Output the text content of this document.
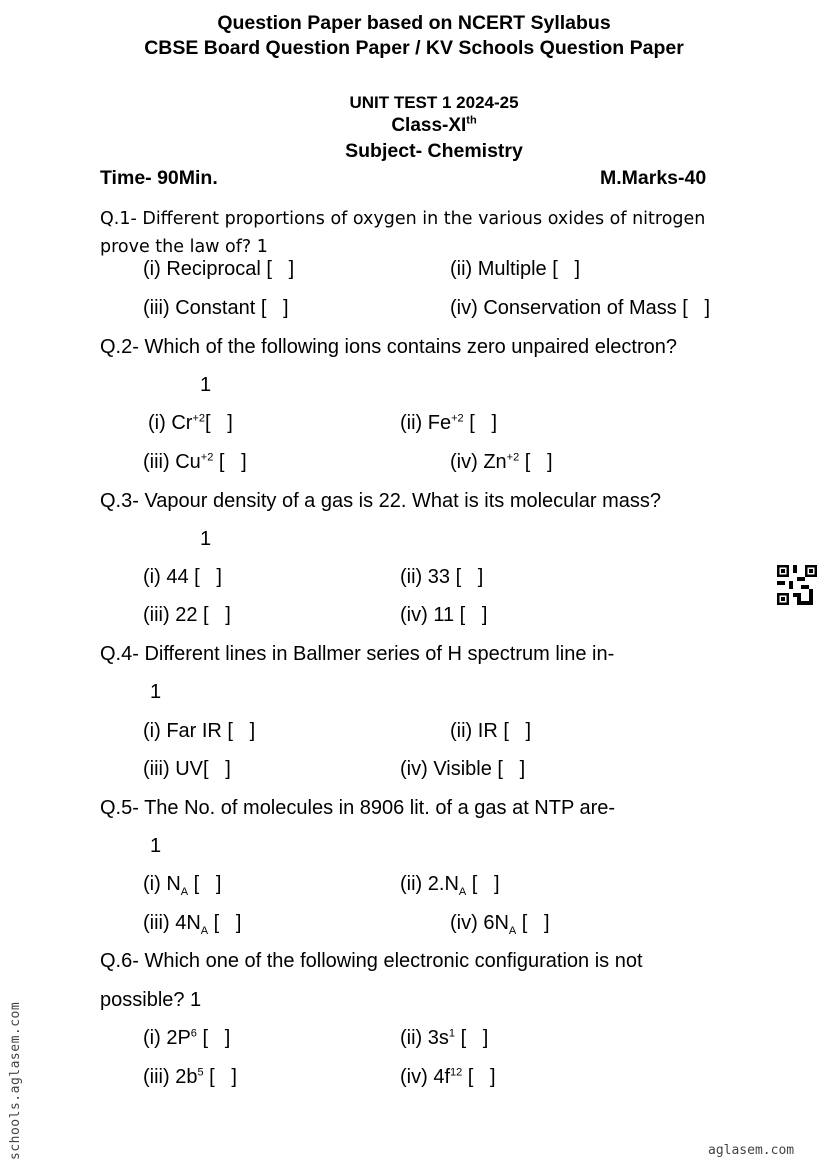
Question Paper based on NCERT Syllabus
CBSE Board Question Paper / KV Schools Question Paper
UNIT TEST 1 2024-25
Class-XIth
Subject- Chemistry
Time- 90Min.	M.Marks-40
Q.1- Different proportions of oxygen in the various oxides of nitrogen
prove the law of? 1
(i) Reciprocal [   ]	(ii) Multiple [   ]
(iii) Constant [   ]	(iv) Conservation of Mass [   ]
Q.2- Which of the following ions contains zero unpaired electron?
1
(i) $Cr^{+2}$[   ]	(ii) $Fe^{+2}$ [   ]
(iii) $Cu^{+2}$ [   ]	(iv) $Zn^{+2}$ [   ]
Q.3- Vapour density of a gas is 22. What is its molecular mass?
1
(i) 44 [   ]	(ii) 33 [   ]
(iii) 22 [   ]	(iv) 11 [   ]
Q.4- Different lines in Ballmer series of H spectrum line in-
1
(i) Far IR [   ]	(ii) IR [   ]
(iii) UV[   ]	(iv) Visible [   ]
Q.5- The No. of molecules in 8906 lit. of a gas at NTP are-
1
(i) $N_A$ [   ]	(ii) $2.N_A$ [   ]
(iii) $4N_A$ [   ]	(iv) $6N_A$ [   ]
Q.6- Which one of the following electronic configuration is not
possible? 1
(i) $2P^6$ [   ]	(ii) $3s^1$ [   ]
(iii) $2b^5$ [   ]	(iv) $4f^{12}$ [   ]
schools.aglasem.com	aglasem.com
